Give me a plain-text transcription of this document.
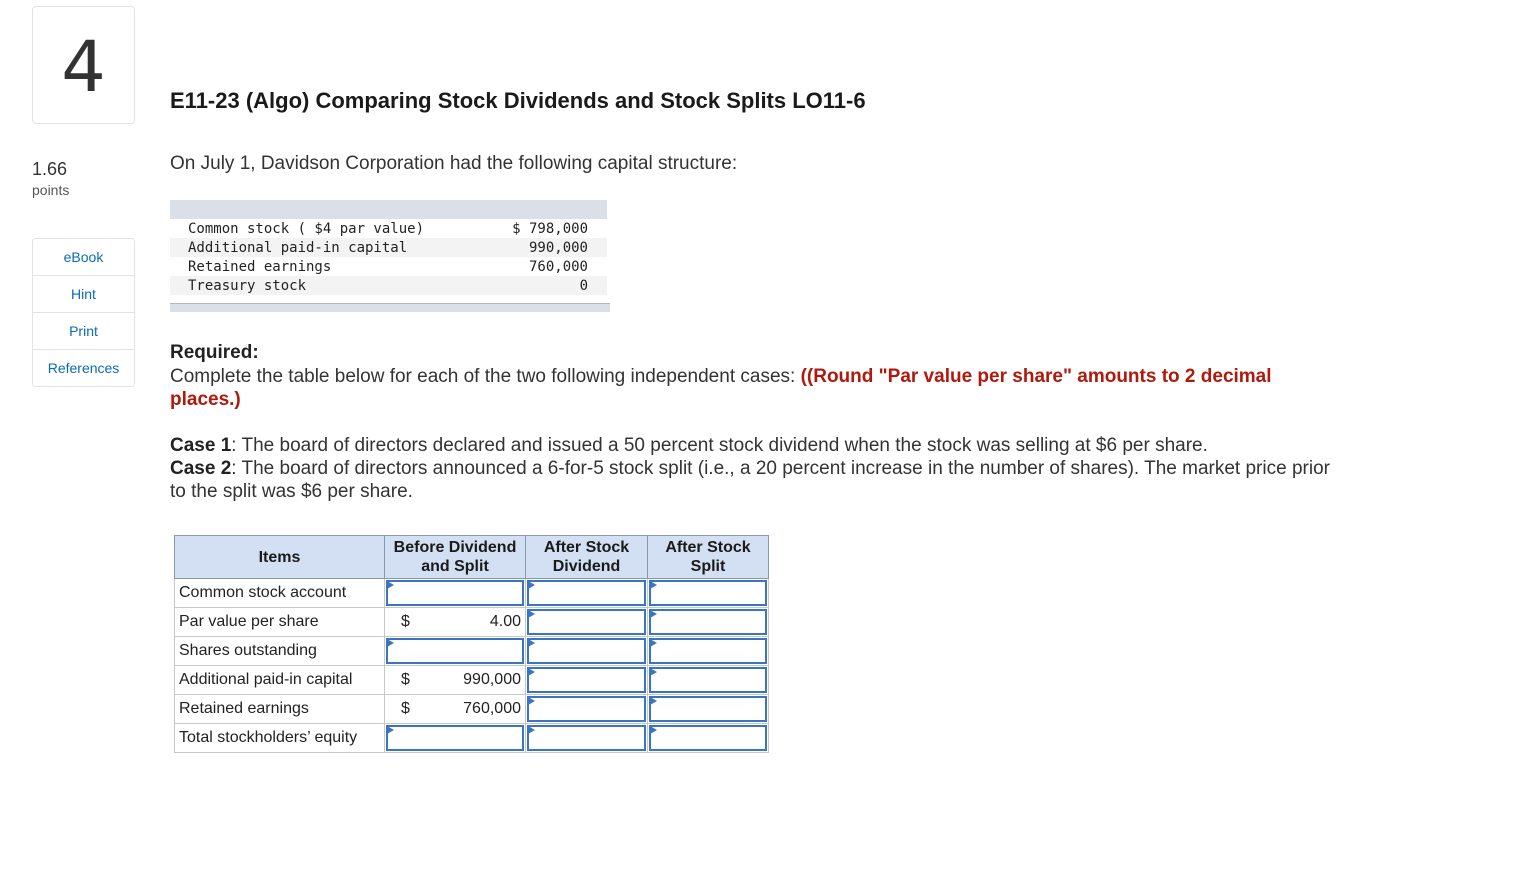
4
1.66
points
eBook
Hint
Print
References
E11-23 (Algo) Comparing Stock Dividends and Stock Splits LO11-6
On July 1, Davidson Corporation had the following capital structure:
Common stock ( $4 par value)	$ 798,000
Additional paid-in capital	990,000
Retained earnings	760,000
Treasury stock	0
Required:
Complete the table below for each of the two following independent cases: ((Round "Par value per share" amounts to 2 decimal places.)
Case 1: The board of directors declared and issued a 50 percent stock dividend when the stock was selling at $6 per share.
Case 2: The board of directors announced a 6-for-5 stock split (i.e., a 20 percent increase in the number of shares). The market price prior to the split was $6 per share.
Items	Before Dividend and Split	After Stock Dividend	After Stock Split
Common stock account	

Par value per share	$ 4.00		

Shares outstanding	

Additional paid-in capital	$ 990,000		

Retained earnings	$ 760,000		

Total stockholders’ equity	
